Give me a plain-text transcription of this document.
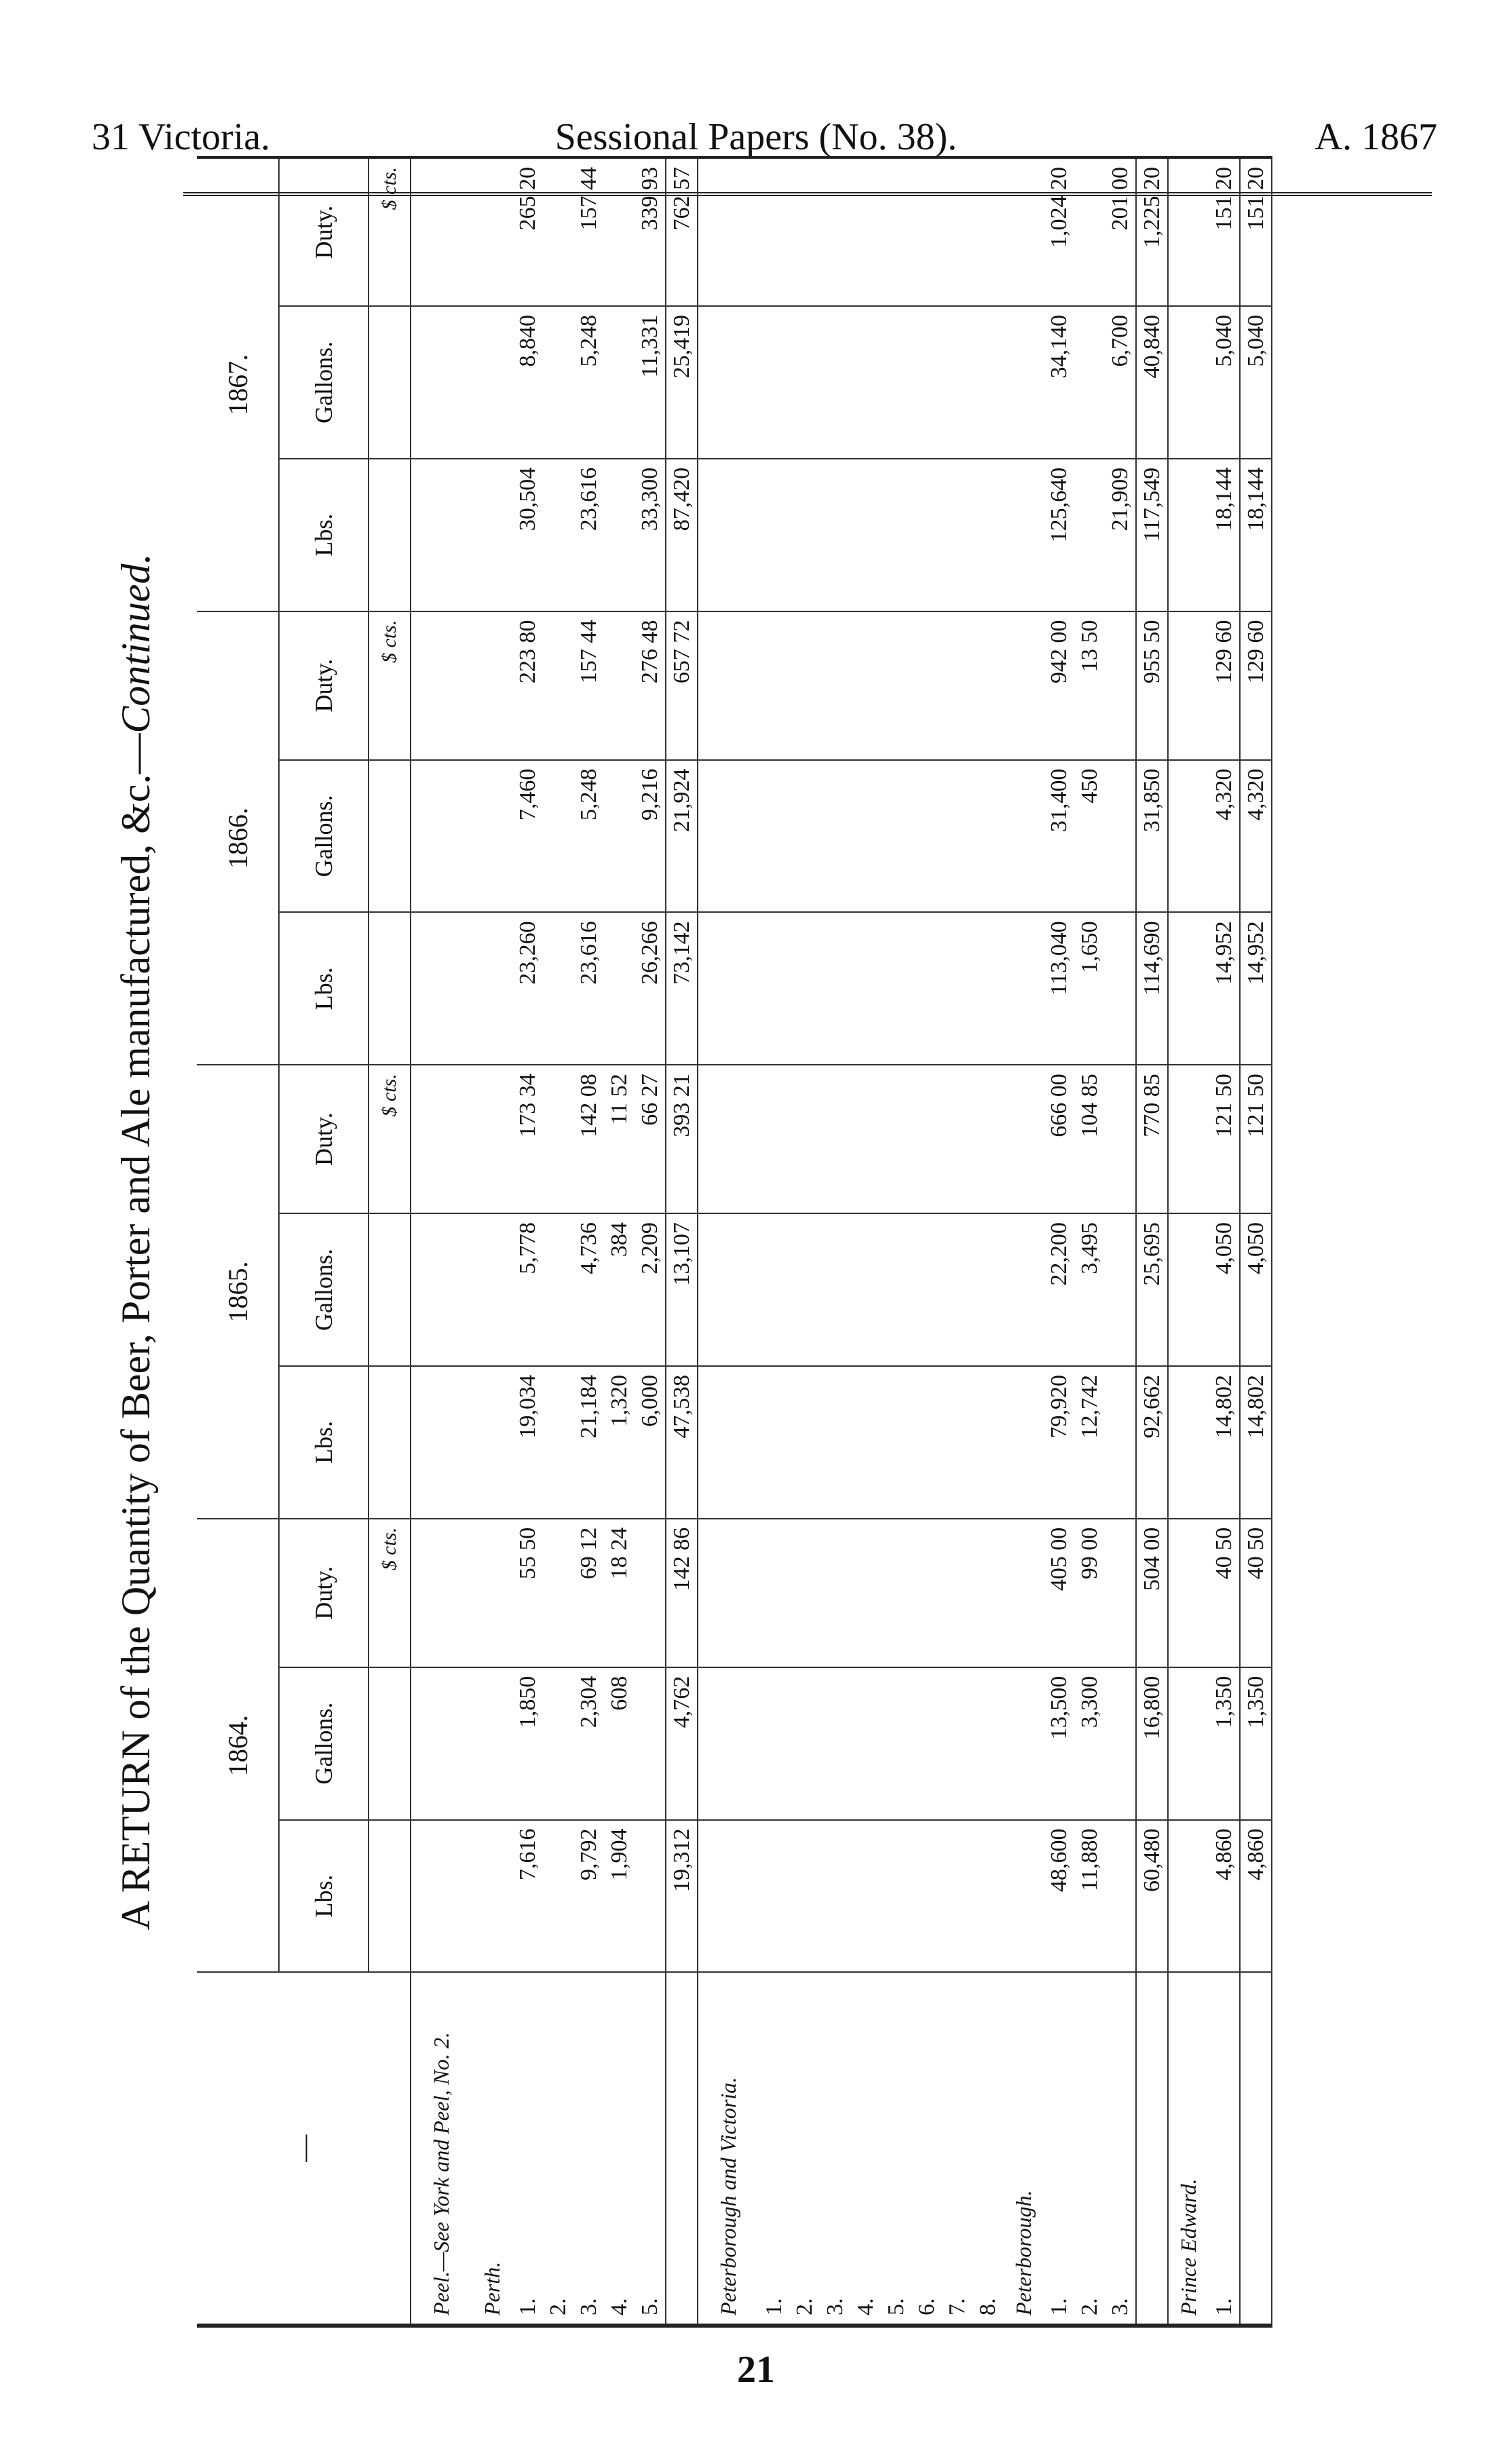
31 Victoria.	Sessional Papers (No. 38).	A. 1867
A RETURN of the Quantity of Beer, Porter and Ale manufactured, &c.—Continued.
—	1864.			1865.			1866.			1867.		
	Lbs.	Gallons.	Duty.	Lbs.	Gallons.	Duty.	Lbs.	Gallons.	Duty.	Lbs.	Gallons.	Duty.
			$ cts.			$ cts.			$ cts.			$ cts.
Peel.—See York and Peel, No. 2.												
Perth.												
1.	7,616	1,850	55 50	19,034	5,778	173 34	23,260	7,460	223 80	30,504	8,840	265 20
2.												
3.	9,792	2,304	69 12	21,184	4,736	142 08	23,616	5,248	157 44	23,616	5,248	157 44
4.	1,904	608	18 24	1,320	384	11 52						
5.				6,000	2,209	66 27	26,266	9,216	276 48	33,300	11,331	339 93
	19,312	4,762	142 86	47,538	13,107	393 21	73,142	21,924	657 72	87,420	25,419	762 57
Peterborough and Victoria.												
1.												
2.												
3.												
4.												
5.												
6.												
7.												
8.												
Peterborough.												
1.	48,600	13,500	405 00	79,920	22,200	666 00	113,040	31,400	942 00	125,640	34,140	1,024 20
2.	11,880	3,300	99 00	12,742	3,495	104 85	1,650	450	13 50			
3.										21,909	6,700	201 00
	60,480	16,800	504 00	92,662	25,695	770 85	114,690	31,850	955 50	117,549	40,840	1,225 20
Prince Edward.												
1.	4,860	1,350	40 50	14,802	4,050	121 50	14,952	4,320	129 60	18,144	5,040	151 20
	4,860	1,350	40 50	14,802	4,050	121 50	14,952	4,320	129 60	18,144	5,040	151 20
21
